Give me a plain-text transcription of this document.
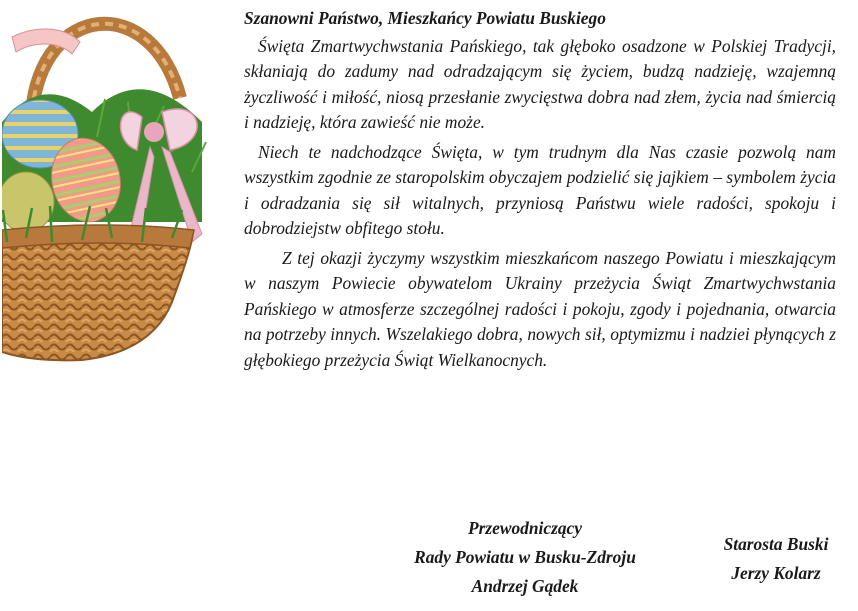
Szanowni Państwo, Mieszkańcy Powiatu Buskiego

Święta Zmartwychwstania Pańskiego, tak głęboko osadzone w Polskiej Tradycji, skłaniają do zadumy nad odradzającym się życiem, budzą nadzieję, wzajemną życzliwość i miłość, niosą przesłanie zwycięstwa dobra nad złem, życia nad śmiercią i nadzieję, która zawieść nie może.

Niech te nadchodzące Święta, w tym trudnym dla Nas czasie pozwolą nam wszystkim zgodnie ze staropolskim obyczajem podzielić się jajkiem – symbolem życia i odradzania się sił witalnych, przyniosą Państwu wiele radości, spokoju i dobrodziejstw obfitego stołu.

Z tej okazji życzymy wszystkim mieszkańcom naszego Powiatu i mieszkającym w naszym Powiecie obywatelom Ukrainy przeżycia Świąt Zmartwychwstania Pańskiego w atmosferze szczególnej radości i pokoju, zgody i pojednania, otwarcia na potrzeby innych. Wszelakiego dobra, nowych sił, optymizmu i nadziei płynących z głębokiego przeżycia Świąt Wielkanocnych.

Przewodniczący
Rady Powiatu w Busku-Zdroju
Andrzej Gądek
Starosta Buski
Jerzy Kolarz
